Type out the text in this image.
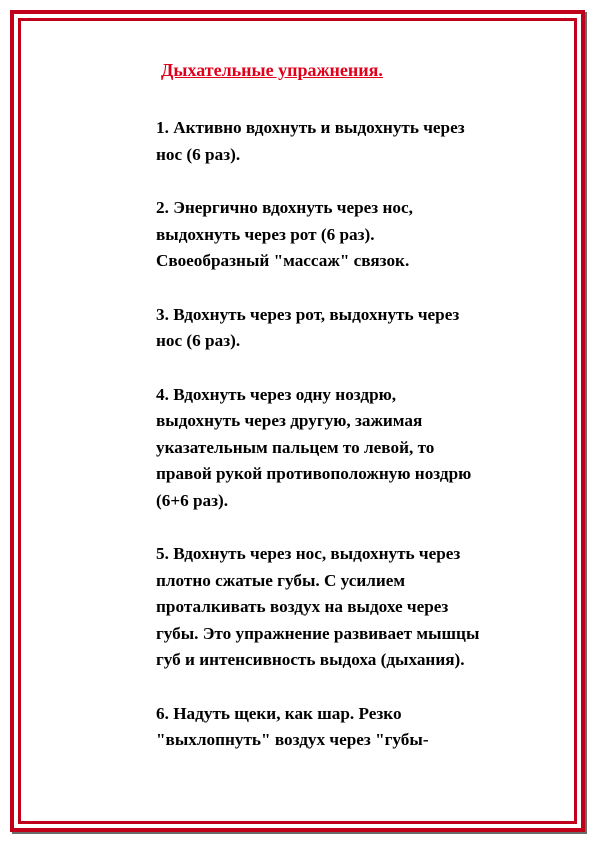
Дыхательные упражнения.
1. Активно вдохнуть и выдохнуть через
нос (6 раз).
2. Энергично вдохнуть через нос,
выдохнуть через рот (6 раз).
Своеобразный "массаж" связок.
3. Вдохнуть через рот, выдохнуть через
нос (6 раз).
4. Вдохнуть через одну ноздрю,
выдохнуть через другую, зажимая
указательным пальцем то левой, то
правой рукой противоположную ноздрю
(6+6 раз).
5. Вдохнуть через нос, выдохнуть через
плотно сжатые губы. С усилием
проталкивать воздух на выдохе через
губы. Это упражнение развивает мышцы
губ и интенсивность выдоха (дыхания).
6. Надуть щеки, как шар. Резко
"выхлопнуть" воздух через "губы-
